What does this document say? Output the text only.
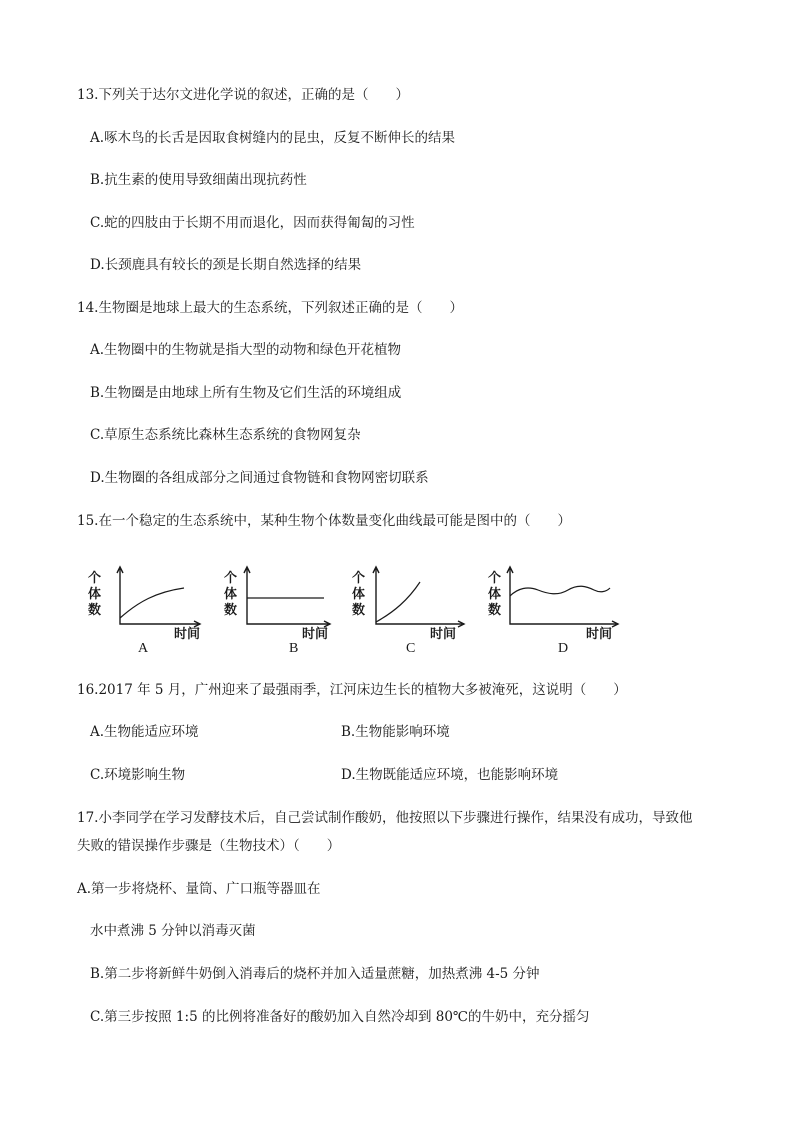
13.下列关于达尔文进化学说的叙述，正确的是（　　）
A.啄木鸟的长舌是因取食树缝内的昆虫，反复不断伸长的结果
B.抗生素的使用导致细菌出现抗药性
C.蛇的四肢由于长期不用而退化，因而获得匍匐的习性
D.长颈鹿具有较长的颈是长期自然选择的结果
14.生物圈是地球上最大的生态系统，下列叙述正确的是（　　）
A.生物圈中的生物就是指大型的动物和绿色开花植物
B.生物圈是由地球上所有生物及它们生活的环境组成
C.草原生态系统比森林生态系统的食物网复杂
D.生物圈的各组成部分之间通过食物链和食物网密切联系
15.在一个稳定的生态系统中，某种生物个体数量变化曲线最可能是图中的（　　）
个
体
数
时间
A
个
体
数
时间
B
个
体
数
时间
C
个
体
数
时间
D
16.2017 年 5 月，广州迎来了最强雨季，江河床边生长的植物大多被淹死，这说明（　　）
A.生物能适应环境	B.生物能影响环境
C.环境影响生物	D.生物既能适应环境，也能影响环境
17.小李同学在学习发酵技术后，自己尝试制作酸奶，他按照以下步骤进行操作，结果没有成功，导致他
失败的错误操作步骤是（生物技术）（　　）
A.第一步将烧杯、量筒、广口瓶等器皿在
水中煮沸 5 分钟以消毒灭菌
B.第二步将新鲜牛奶倒入消毒后的烧杯并加入适量蔗糖，加热煮沸 4-5 分钟
C.第三步按照 1:5 的比例将准备好的酸奶加入自然冷却到 80℃的牛奶中，充分摇匀
